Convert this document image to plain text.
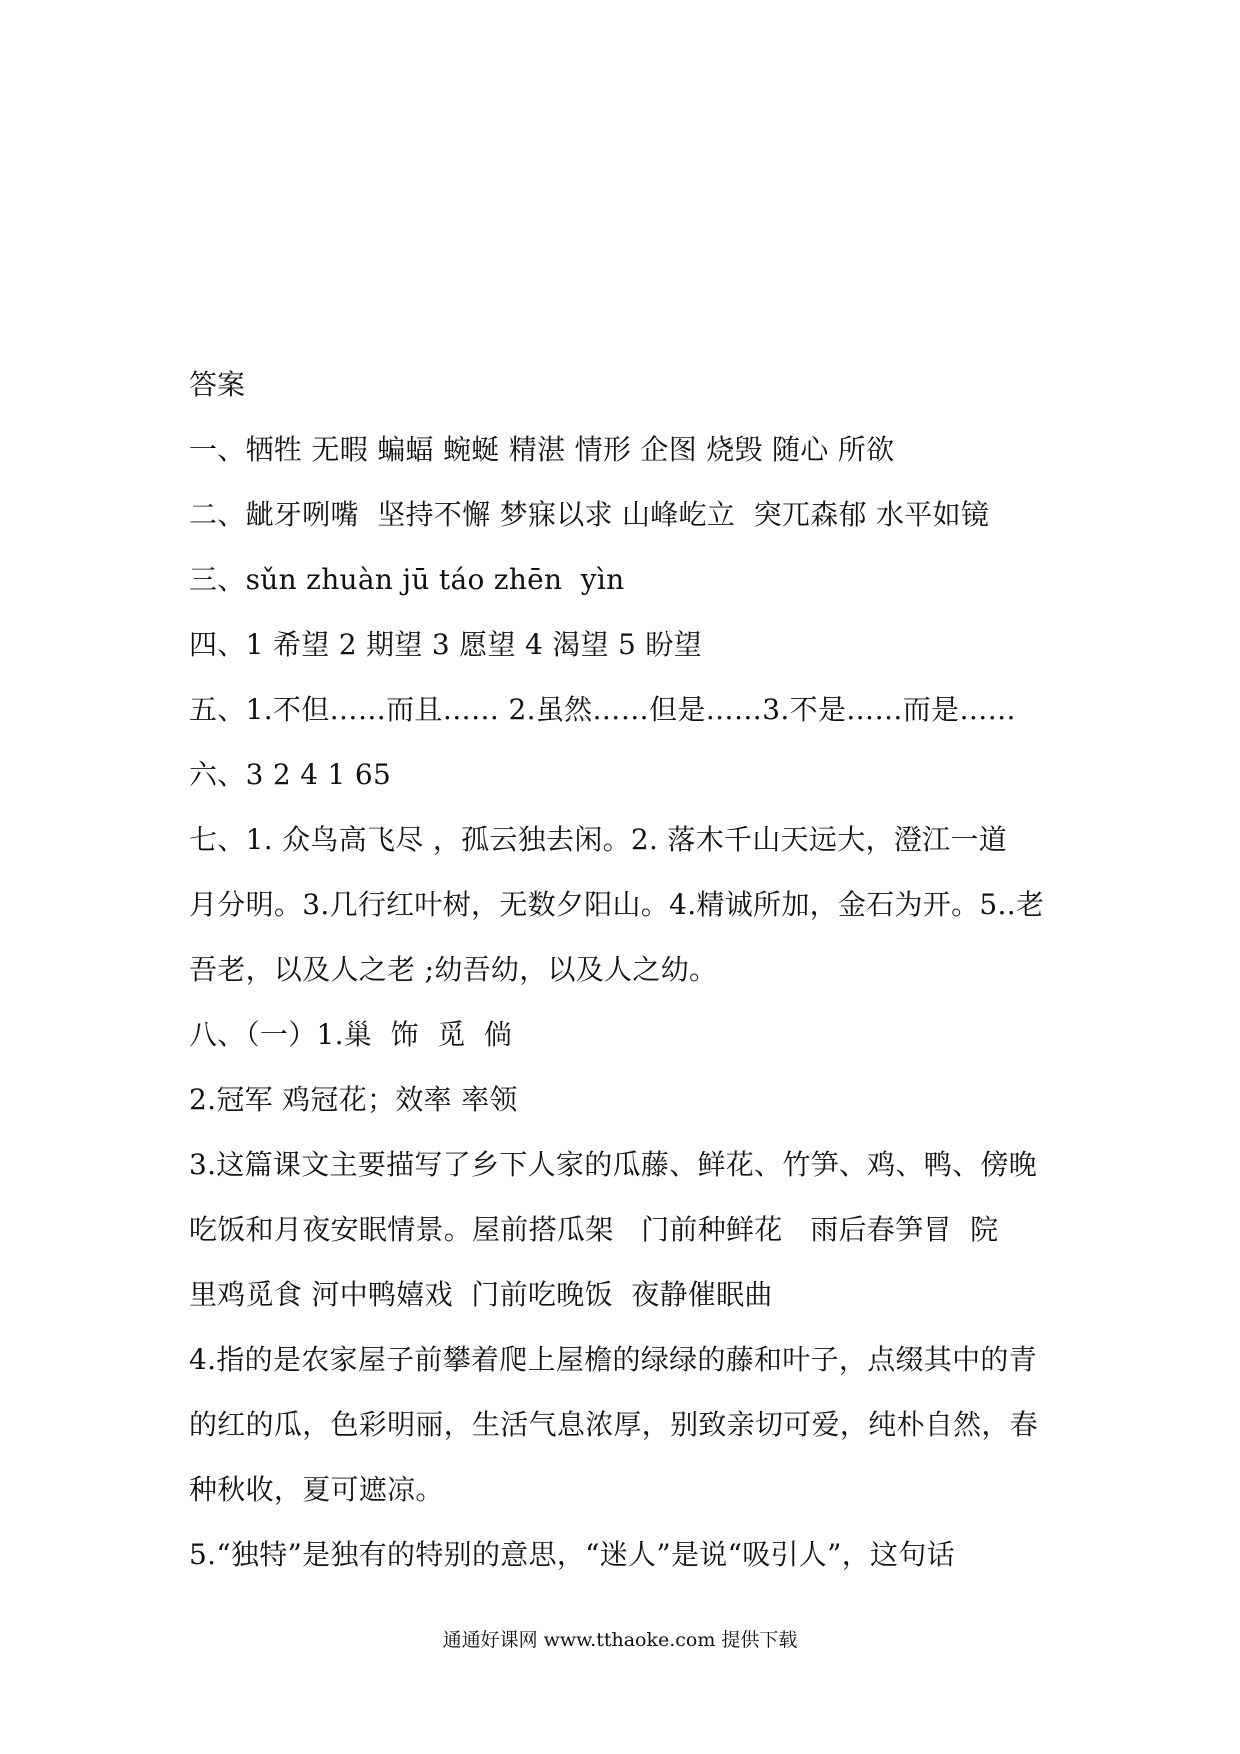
答案
一、牺牲 无暇 蝙蝠 蜿蜒 精湛 情形 企图 烧毁 随心 所欲
二、龇牙咧嘴  坚持不懈 梦寐以求 山峰屹立  突兀森郁 水平如镜
三、sǔn zhuàn jū táo zhēn  yìn
四、1 希望 2 期望 3 愿望 4 渴望 5 盼望
五、1.不但……而且…… 2.虽然……但是……3.不是……而是……
六、3 2 4 1 65
七、1. 众鸟高飞尽 ，孤云独去闲。2. 落木千山天远大，澄江一道
月分明。3.几行红叶树，无数夕阳山。4.精诚所加，金石为开。5..老
吾老，以及人之老 ;幼吾幼，以及人之幼。
八、（一）1.巢  饰  觅  倘
2.冠军 鸡冠花；效率 率领
3.这篇课文主要描写了乡下人家的瓜藤、鲜花、竹笋、鸡、鸭、傍晚
吃饭和月夜安眠情景。屋前搭瓜架   门前种鲜花   雨后春笋冒  院
里鸡觅食 河中鸭嬉戏  门前吃晚饭  夜静催眠曲
4.指的是农家屋子前攀着爬上屋檐的绿绿的藤和叶子，点缀其中的青
的红的瓜，色彩明丽，生活气息浓厚，别致亲切可爱，纯朴自然，春
种秋收，夏可遮凉。
5.“独特”是独有的特别的意思，“迷人”是说“吸引人”，这句话
通通好课网 www.tthaoke.com 提供下载
